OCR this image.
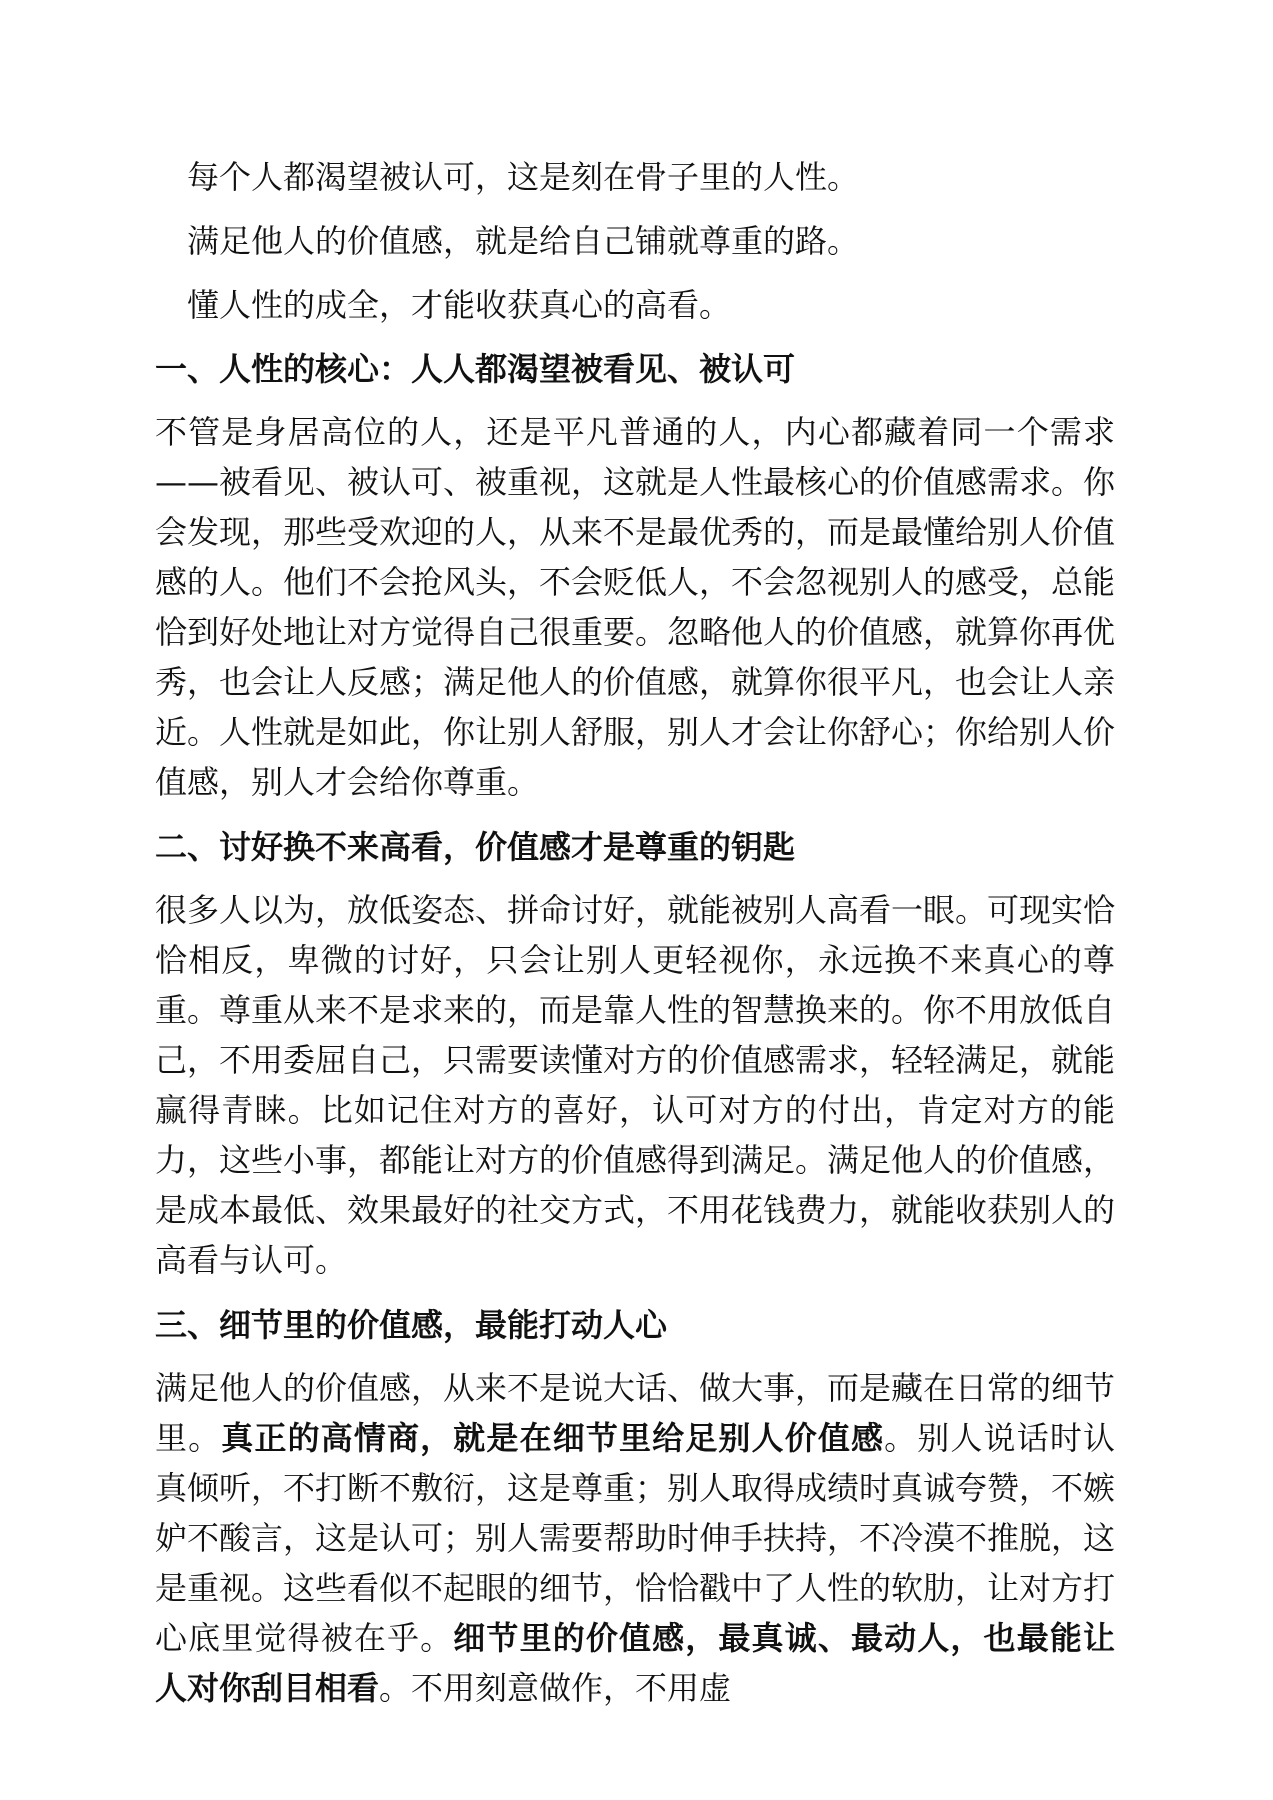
每个人都渴望被认可，这是刻在骨子里的人性。

满足他人的价值感，就是给自己铺就尊重的路。

懂人性的成全，才能收获真心的高看。

一、人性的核心：人人都渴望被看见、被认可

不管是身居高位的人，还是平凡普通的人，内心都藏着同一个需求——被看见、被认可、被重视，这就是人性最核心的价值感需求。你会发现，那些受欢迎的人，从来不是最优秀的，而是最懂给别人价值感的人。他们不会抢风头，不会贬低人，不会忽视别人的感受，总能恰到好处地让对方觉得自己很重要。忽略他人的价值感，就算你再优秀，也会让人反感；满足他人的价值感，就算你很平凡，也会让人亲近。人性就是如此，你让别人舒服，别人才会让你舒心；你给别人价值感，别人才会给你尊重。

二、讨好换不来高看，价值感才是尊重的钥匙

很多人以为，放低姿态、拼命讨好，就能被别人高看一眼。可现实恰恰相反，卑微的讨好，只会让别人更轻视你，永远换不来真心的尊重。尊重从来不是求来的，而是靠人性的智慧换来的。你不用放低自己，不用委屈自己，只需要读懂对方的价值感需求，轻轻满足，就能赢得青睐。比如记住对方的喜好，认可对方的付出，肯定对方的能力，这些小事，都能让对方的价值感得到满足。满足他人的价值感，是成本最低、效果最好的社交方式，不用花钱费力，就能收获别人的高看与认可。

三、细节里的价值感，最能打动人心

满足他人的价值感，从来不是说大话、做大事，而是藏在日常的细节里。真正的高情商，就是在细节里给足别人价值感。别人说话时认真倾听，不打断不敷衍，这是尊重；别人取得成绩时真诚夸赞，不嫉妒不酸言，这是认可；别人需要帮助时伸手扶持，不冷漠不推脱，这是重视。这些看似不起眼的细节，恰恰戳中了人性的软肋，让对方打心底里觉得被在乎。细节里的价值感，最真诚、最动人，也最能让人对你刮目相看。不用刻意做作，不用虚
